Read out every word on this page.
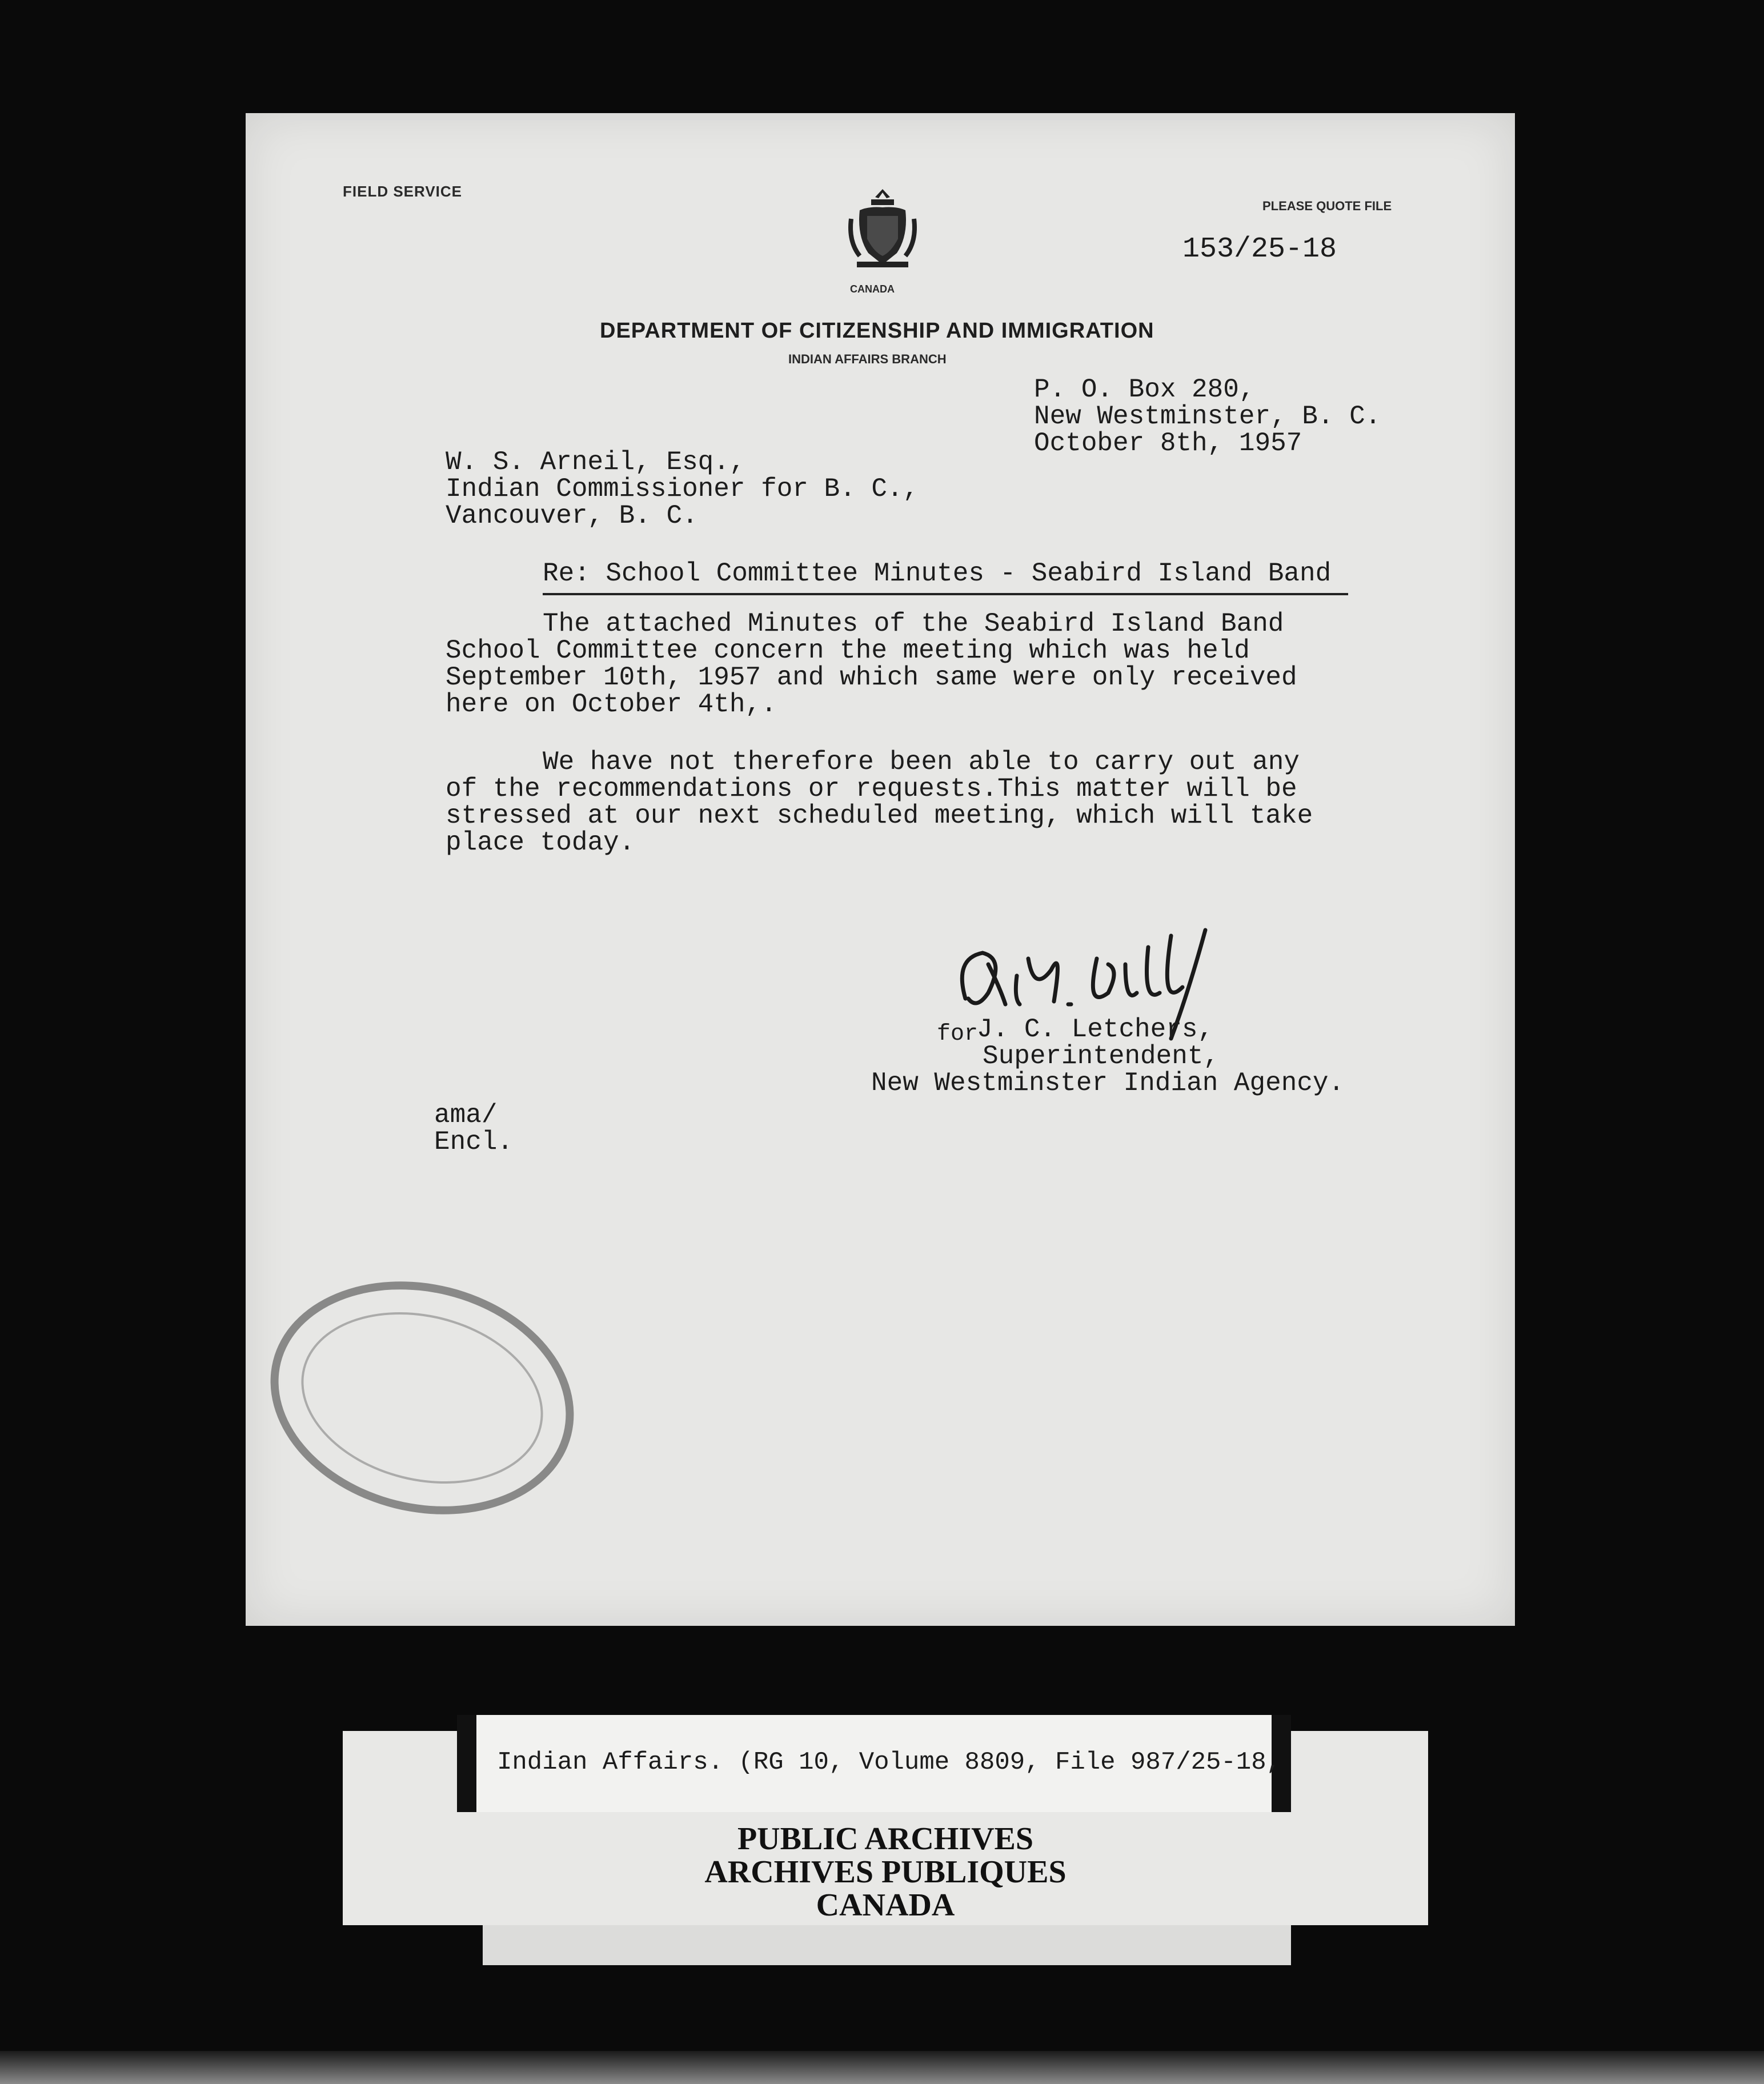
FIELD SERVICE
PLEASE QUOTE FILE
153/25-18
CANADA
DEPARTMENT OF CITIZENSHIP AND IMMIGRATION
INDIAN AFFAIRS BRANCH
P. O. Box 280,
New Westminster, B. C.
October 8th, 1957
W. S. Arneil, Esq.,
Indian Commissioner for B. C.,
Vancouver, B. C.
Re: School Committee Minutes - Seabird Island Band
The attached Minutes of the Seabird Island Band
School Committee concern the meeting which was held
September 10th, 1957 and which same were only received
here on October 4th,.
We have not therefore been able to carry out any
of the recommendations or requests.This matter will be
stressed at our next scheduled meeting, which will take
place today.
for
J. C. Letchers,
Superintendent,
New Westminster Indian Agency.
ama/
Encl.
Indian Affairs. (RG 10, Volume 8809, File 987/25-18,
PUBLIC ARCHIVES
ARCHIVES PUBLIQUES
CANADA
